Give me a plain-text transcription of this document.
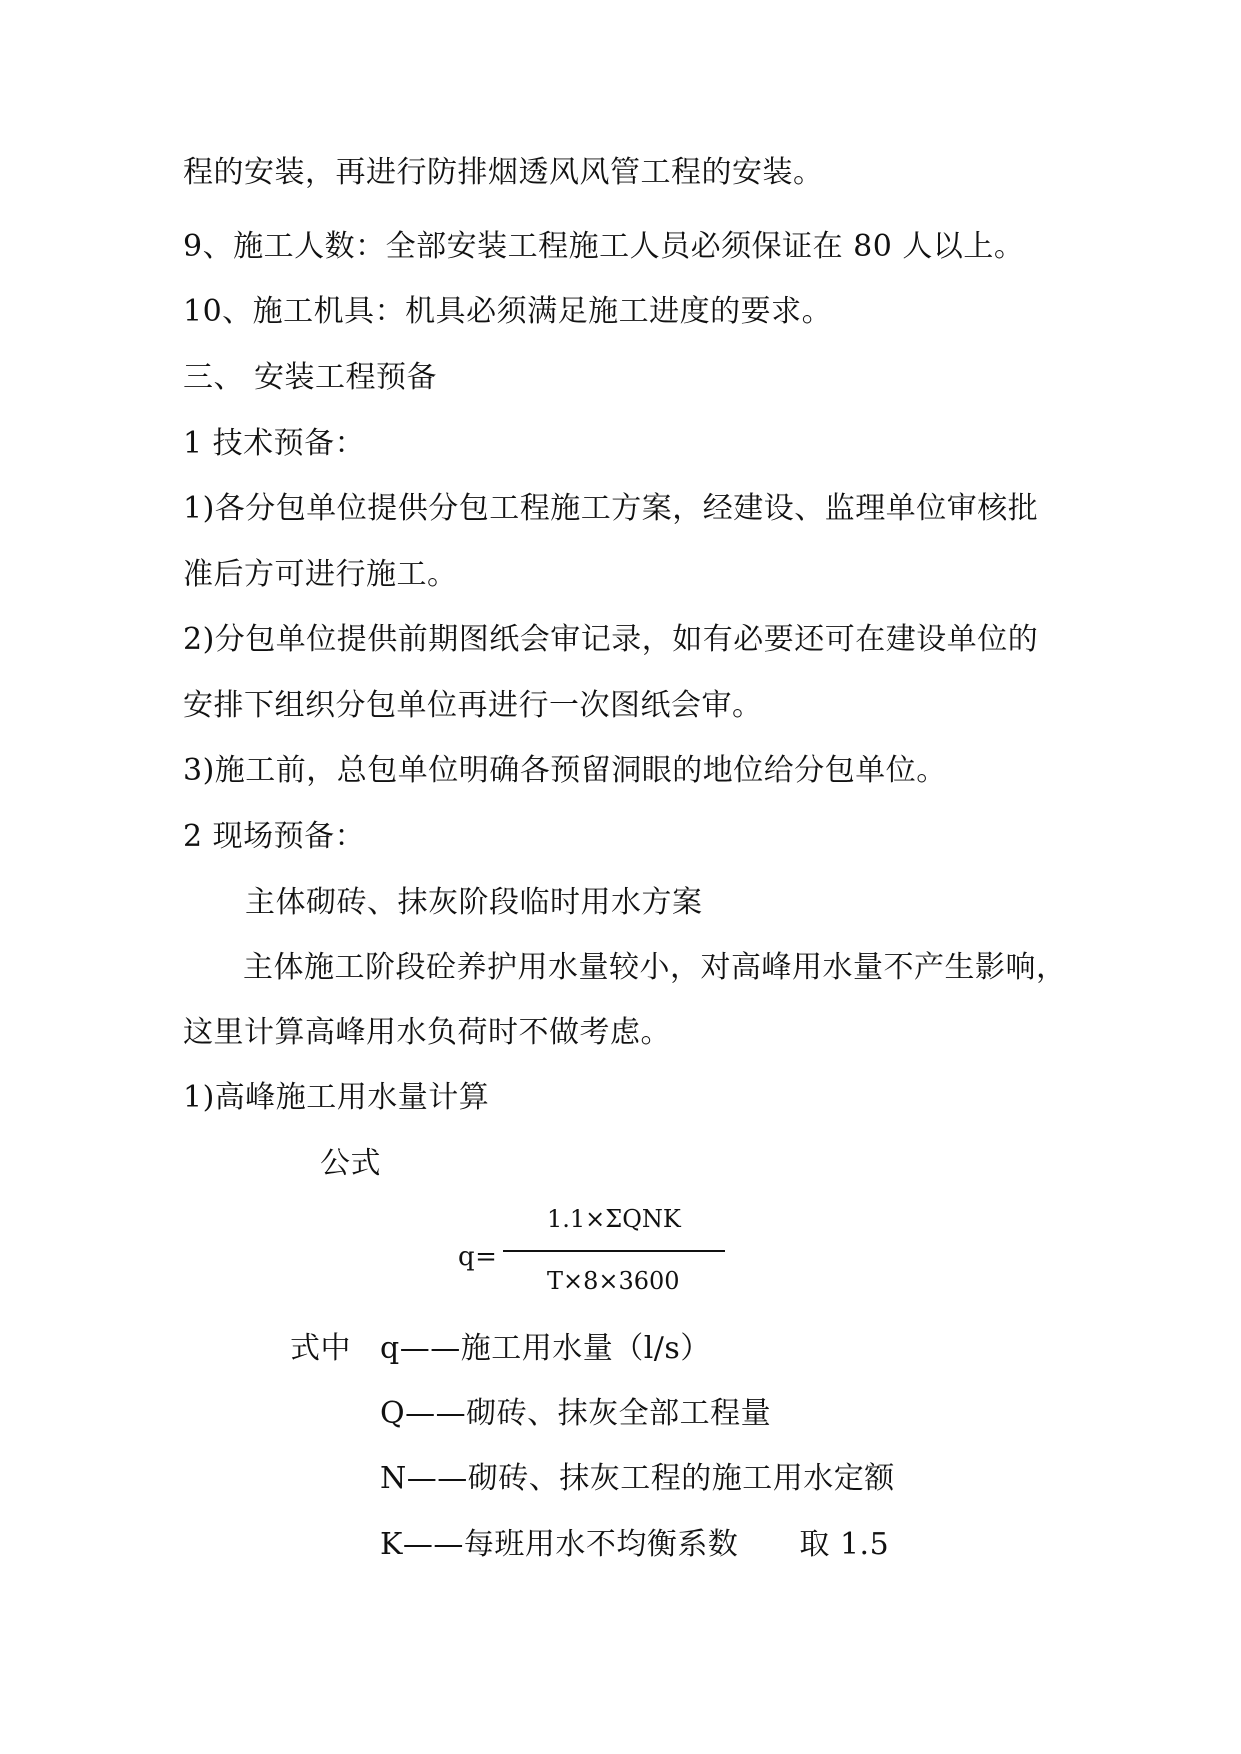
程的安装，再进行防排烟透风风管工程的安装。
9、施工人数：全部安装工程施工人员必须保证在 80 人以上。
10、施工机具：机具必须满足施工进度的要求。
三、 安装工程预备
1 技术预备：
1)各分包单位提供分包工程施工方案，经建设、监理单位审核批
准后方可进行施工。
2)分包单位提供前期图纸会审记录，如有必要还可在建设单位的
安排下组织分包单位再进行一次图纸会审。
3)施工前，总包单位明确各预留洞眼的地位给分包单位。
2 现场预备：
主体砌砖、抹灰阶段临时用水方案
主体施工阶段砼养护用水量较小，对高峰用水量不产生影响，
这里计算高峰用水负荷时不做考虑。
1)高峰施工用水量计算
公式
q=
1.1×ΣQNK
T×8×3600
式中 q——施工用水量（l/s）
Q——砌砖、抹灰全部工程量
N——砌砖、抹灰工程的施工用水定额
K——每班用水不均衡系数　　取 1.5
